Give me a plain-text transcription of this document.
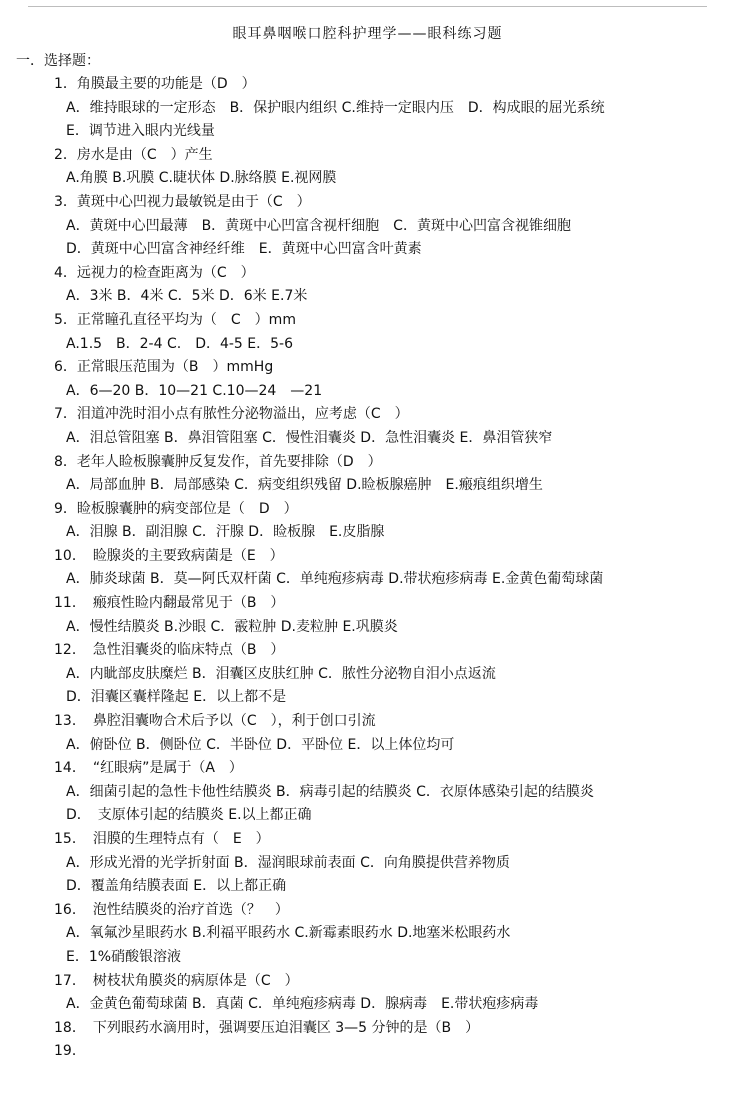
眼耳鼻咽喉口腔科护理学——眼科练习题
一．选择题：
1．角膜最主要的功能是（D　）
A．维持眼球的一定形态　B．保护眼内组织 C.维持一定眼内压　D．构成眼的屈光系统
E．调节进入眼内光线量
2．房水是由（C　）产生
A.角膜 B.巩膜 C.睫状体 D.脉络膜 E.视网膜
3．黄斑中心凹视力最敏锐是由于（C　）
A．黄斑中心凹最薄　B．黄斑中心凹富含视杆细胞　C．黄斑中心凹富含视锥细胞
D．黄斑中心凹富含神经纤维　E．黄斑中心凹富含叶黄素
4．远视力的检查距离为（C　）
A．3米 B．4米 C．5米 D．6米 E.7米
5．正常瞳孔直径平均为（　C　）mm
A.1.5　B．2-4 C.　D．4-5 E．5-6
6．正常眼压范围为（B　）mmHg
A．6—20 B．10—21 C.10—24　—21
7．泪道冲洗时泪小点有脓性分泌物溢出，应考虑（C　）
A．泪总管阻塞 B．鼻泪管阻塞 C．慢性泪囊炎 D．急性泪囊炎 E．鼻泪管狭窄
8．老年人睑板腺囊肿反复发作，首先要排除（D　）
A．局部血肿 B．局部感染 C．病变组织残留 D.睑板腺癌肿　E.瘢痕组织增生
9．睑板腺囊肿的病变部位是（　D　）
A．泪腺 B．副泪腺 C．汗腺 D．睑板腺　E.皮脂腺
10．　睑腺炎的主要致病菌是（E　）
A．肺炎球菌 B．莫—阿氏双杆菌 C．单纯疱疹病毒 D.带状疱疹病毒 E.金黄色葡萄球菌
11．　瘢痕性睑内翻最常见于（B　）
A．慢性结膜炎 B.沙眼 C．霰粒肿 D.麦粒肿 E.巩膜炎
12．　急性泪囊炎的临床特点（B　）
A．内眦部皮肤糜烂 B．泪囊区皮肤红肿 C．脓性分泌物自泪小点返流
D．泪囊区囊样隆起 E．以上都不是
13．　鼻腔泪囊吻合术后予以（C　），利于创口引流
A．俯卧位 B．侧卧位 C．半卧位 D．平卧位 E．以上体位均可
14．　“红眼病”是属于（A　）
A．细菌引起的急性卡他性结膜炎 B．病毒引起的结膜炎 C．衣原体感染引起的结膜炎
D．　支原体引起的结膜炎 E.以上都正确
15．　泪膜的生理特点有（　E　）
A．形成光滑的光学折射面 B．湿润眼球前表面 C．向角膜提供营养物质
D．覆盖角结膜表面 E．以上都正确
16．　泡性结膜炎的治疗首选（？　）
A．氧氟沙星眼药水 B.利福平眼药水 C.新霉素眼药水 D.地塞米松眼药水
E．1%硝酸银溶液
17．　树枝状角膜炎的病原体是（C　）
A．金黄色葡萄球菌 B．真菌 C．单纯疱疹病毒 D．腺病毒　E.带状疱疹病毒
18．　下列眼药水滴用时，强调要压迫泪囊区 3—5 分钟的是（B　）
19．
